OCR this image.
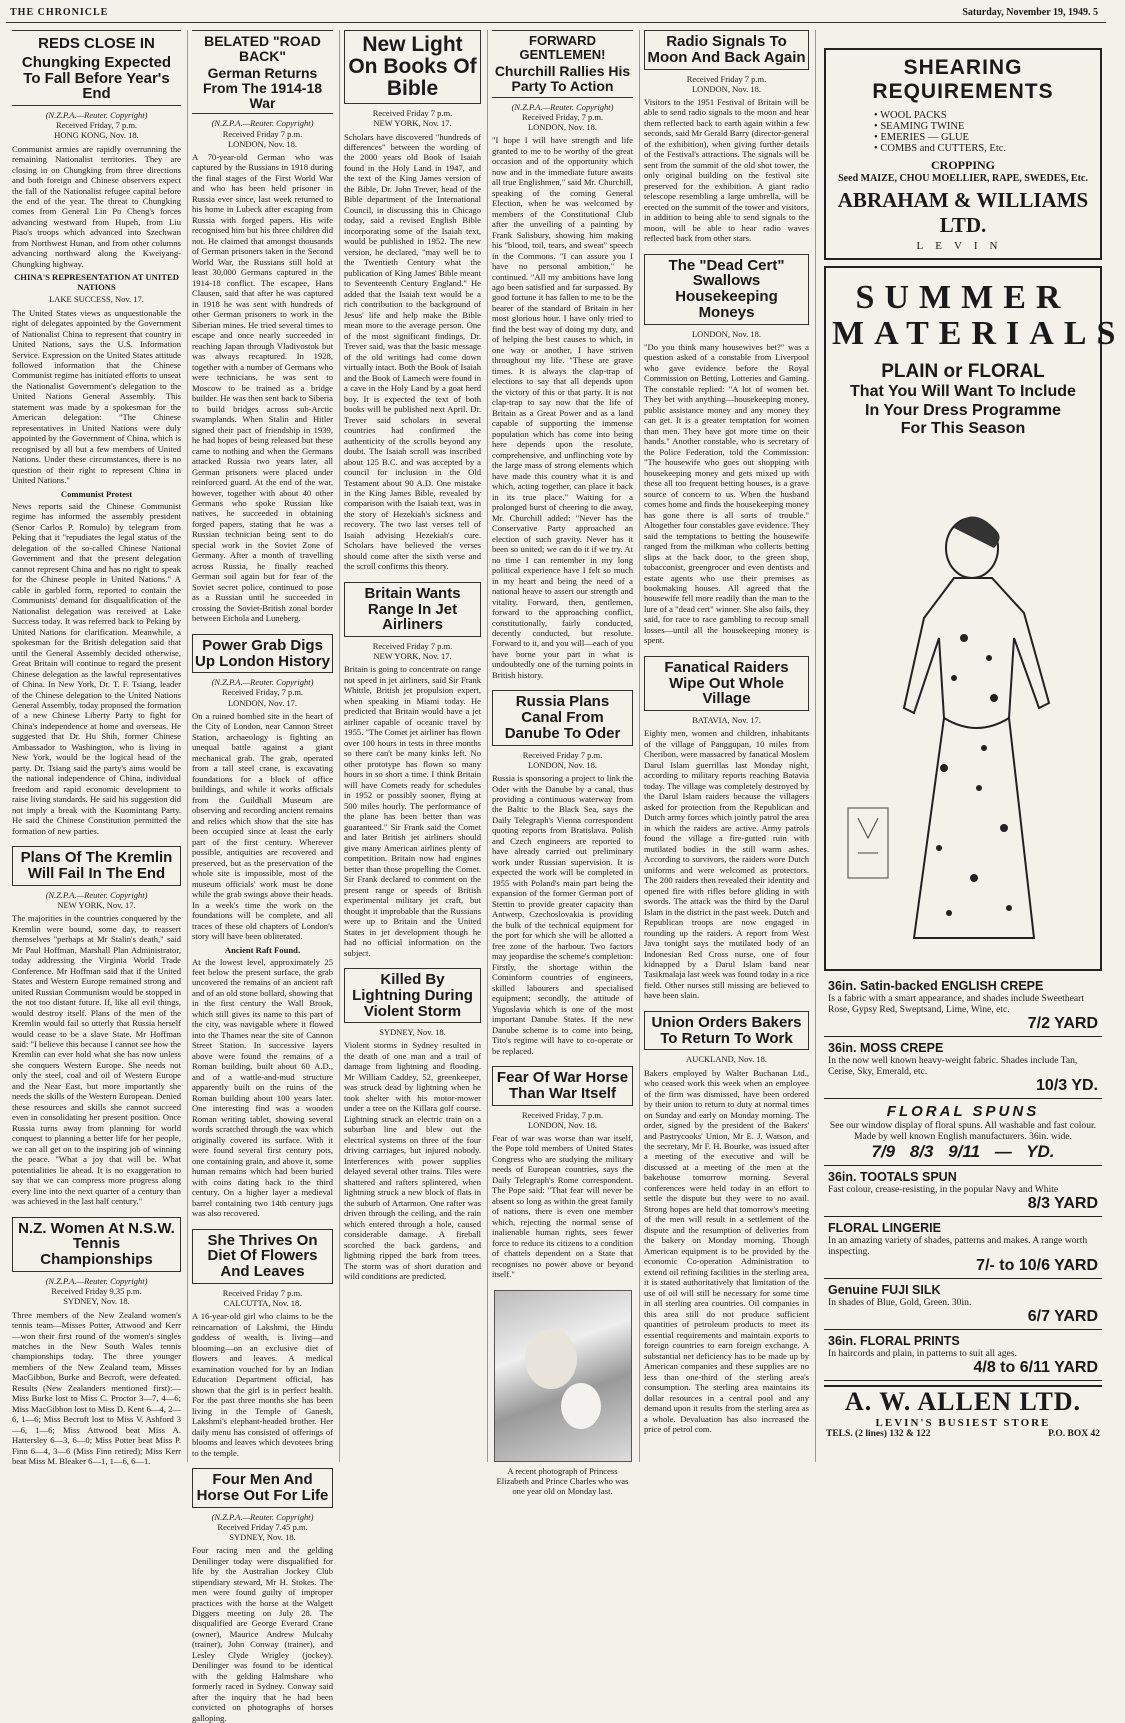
THE CHRONICLE	Saturday, November 19, 1949. 5
REDS CLOSE IN
Chungking Expected To Fall Before Year's End
(N.Z.P.A.—Reuter. Copyright)
Received Friday, 7 p.m.
HONG KONG, Nov. 18.

Communist armies are rapidly overrunning the remaining Nationalist territories. They are closing in on Chungking from three directions and both foreign and Chinese observers expect the fall of the Nationalist refugee capital before the end of the year. The threat to Chungking comes from General Lin Po Cheng's forces advancing westward from Hupeh, from Liu Piao's troops which advanced into Szechwan from Northwest Hunan, and from other columns advancing northward along the Kweiyang-Chungking highway.

CHINA'S REPRESENTATION AT UNITED NATIONS
LAKE SUCCESS, Nov. 17.

The United States views as unquestionable the right of delegates appointed by the Government of Nationalist China to represent that country in United Nations, says the U.S. Information Service. Expression on the United States attitude followed information that the Chinese Communist regime has initiated efforts to unseat the Nationalist Government's delegation to the United Nations General Assembly. This statement was made by a spokesman for the American delegation: "The Chinese representatives in United Nations were duly appointed by the Government of China, which is recognised by all but a few members of United Nations. Under these circumstances, there is no question of their right to represent China in United Nations."

Communist Protest

News reports said the Chinese Communist regime has informed the assembly president (Senor Carlos P. Romulo) by telegram from Peking that it "repudiates the legal status of the delegation of the so-called Chinese National Government and that the present delegation cannot represent China and has no right to speak for the Chinese people in United Nations." A cable in garbled form, reported to contain the Communists' demand for disqualification of the Nationalist delegation was received at Lake Success today. It was referred back to Peking by United Nations for clarification. Meanwhile, a spokesman for the British delegation said that until the General Assembly decided otherwise, Great Britain will continue to regard the present Chinese delegation as the lawful representatives of China. In New York, Dr. T. F. Tsiang, leader of the Chinese delegation to the United Nations General Assembly, today proposed the formation of a new Chinese Liberty Party to fight for China's independence at home and overseas. He suggested that Dr. Hu Shih, former Chinese Ambassador to Washington, who is living in New York, would be the logical head of the party. Dr. Tsiang said the party's aims would be the national independence of China, individual freedom and rapid economic development to raise living standards. He said his suggestion did not imply a break with the Kuomintang Party. He said the Chinese Constitution permitted the formation of new parties.

Plans Of The Kremlin Will Fail In The End
(N.Z.P.A.—Reuter. Copyright)
NEW YORK, Nov. 17.

The majorities in the countries conquered by the Kremlin were bound, some day, to reassert themselves "perhaps at Mr Stalin's death," said Mr Paul Hoffman, Marshall Plan Administrator, today addressing the Virginia World Trade Conference. Mr Hoffman said that if the United States and Western Europe remained strong and united Russian Communism would be stopped in the not too distant future. If, like all evil things, would destroy itself. Plans of the men of the Kremlin would fail so utterly that Russia herself would cease to be a slave State. Mr Hoffman said: "I believe this because I cannot see how the Kremlin can ever hold what she has now unless she conquers Western Europe. She needs not only the steel, coal and oil of Western Europe and the Near East, but more importantly she needs the skills of the Western European. Denied these resources and skills she cannot succeed even in consolidating her present position. Once Russia turns away from planning for world conquest to planning a better life for her people, we can all get on to the inspiring job of winning the peace. "What a joy that will be. What potentialities lie ahead. It is no exaggeration to say that we can compress more progress along every line into the next quarter of a century than was achieved in the last half century."

N.Z. Women At N.S.W. Tennis Championships
(N.Z.P.A.—Reuter. Copyright)
Received Friday 9.35 p.m.
SYDNEY, Nov. 18.

Three members of the New Zealand women's tennis team—Misses Potter, Attwood and Kerr—won their first round of the women's singles matches in the New South Wales tennis championships today. The three younger members of the New Zealand team, Misses MacGibbon, Burke and Becroft, were defeated. Results (New Zealanders mentioned first):—Miss Burke lost to Miss C. Proctor 3—7, 4—6; Miss MacGibbon lost to Miss D. Kent 6—4, 2—6, 1—6; Miss Becroft lost to Miss V. Ashford 3—6, 1—6; Miss Attwood beat Miss A. Hattersley 6—3, 6—0; Miss Potter beat Miss P. Finn 6—4, 3—6 (Miss Finn retired); Miss Kerr beat Miss M. Bleaker 6—1, 1—6, 6—1.

BELATED "ROAD BACK"
German Returns From The 1914-18 War
(N.Z.P.A.—Reuter. Copyright)
Received Friday 7 p.m.
LONDON, Nov. 18.

A 70-year-old German who was captured by the Russians in 1918 during the final stages of the First World War and who has been held prisoner in Russia ever since, last week returned to his home in Lubeck after escaping from Russia with forged papers. His wife recognised him but his three children did not. He claimed that amongst thousands of German prisoners taken in the Second World War, the Russians still hold at least 30,000 Germans captured in the 1914-18 conflict. The escapee, Hans Clausen, said that after he was captured in 1918 he was sent with hundreds of other German prisoners to work in the Siberian mines. He tried several times to escape and once nearly succeeded in reaching Japan through Vladivostok but was always recaptured. In 1928, together with a number of Germans who were technicians, he was sent to Moscow to be trained as a bridge builder. He was then sent back to Siberia to build bridges across sub-Arctic swamplands. When Stalin and Hitler signed their pact of friendship in 1939, he had hopes of being released but these came to nothing and when the Germans attacked Russia two years later, all German prisoners were placed under reinforced guard. At the end of the war, however, together with about 40 other Germans who spoke Russian like natives, he succeeded in obtaining forged papers, stating that he was a Russian technician being sent to do special work in the Soviet Zone of Germany. After a month of travelling across Russia, he finally reached German soil again but for fear of the Soviet secret police, continued to pose as a Russian until he succeeded in crossing the Soviet-British zonal border between Eichola and Luneberg.

Power Grab Digs Up London History
(N.Z.P.A.—Reuter. Copyright)
Received Friday, 7 p.m.
LONDON, Nov. 17.

On a ruined bombed site in the heart of the City of London, near Cannon Street Station, archaeology is fighting an unequal battle against a giant mechanical grab. The grab, operated from a tall steel crane, is excavating foundations for a block of office buildings, and while it works officials from the Guildhall Museum are observing and recording ancient remains and relics which show that the site has been occupied since at least the early part of the first century. Wherever possible, antiquities are recovered and preserved, but as the preservation of the whole site is impossible, most of the museum officials' work must be done while the grab swings above their heads. In a week's time the work on the foundations will be complete, and all traces of these old chapters of London's story will have been obliterated.

Ancient Raft Found.

At the lowest level, approximately 25 feet below the present surface, the grab uncovered the remains of an ancient raft and of an old stone bollard, showing that in the first century the Wall Brook, which still gives its name to this part of the city, was navigable where it flowed into the Thames near the site of Cannon Street Station. In successive layers above were found the remains of a Roman building, built about 60 A.D., and of a wattle-and-mud structure apparently built on the ruins of the Roman building about 100 years later. One interesting find was a wooden Roman writing tablet, showing several words scratched through the wax which originally covered its surface. With it were found several first century pots, one containing grain, and above it, some human remains which had been buried with coins dating back to the third century. On a higher layer a medieval barrel containing two 14th century jugs was also recovered.

She Thrives On Diet Of Flowers And Leaves
Received Friday 7 p.m.
CALCUTTA, Nov. 18.

A 16-year-old girl who claims to be the reincarnation of Lakshmi, the Hindu goddess of wealth, is living—and blooming—on an exclusive diet of flowers and leaves. A medical examination vouched for by an Indian Education Department official, has shown that the girl is in perfect health. For the past three months she has been living in the Temple of Ganesh, Lakshmi's elephant-headed brother. Her daily menu has consisted of offerings of blooms and leaves which devotees bring to the temple.

Four Men And Horse Out For Life
(N.Z.P.A.—Reuter. Copyright)
Received Friday 7.45 p.m.
SYDNEY, Nov. 18.

Four racing men and the gelding Denilinger today were disqualified for life by the Australian Jockey Club stipendiary steward, Mr H. Stokes. The men were found guilty of improper practices with the horse at the Walgett Diggers meeting on July 28. The disqualified are George Everard Crane (owner), Maurice Andrew Mulcahy (trainer), John Conway (trainer), and Lesley Clyde Wrigley (jockey). Denilinger was found to be identical with the gelding Halmshare who formerly raced in Sydney. Conway said after the inquiry that he had been convicted on photographs of horses galloping.

New Light On Books Of Bible
Received Friday 7 p.m.
NEW YORK, Nov. 17.

Scholars have discovered "hundreds of differences" between the wording of the 2000 years old Book of Isaiah found in the Holy Land in 1947, and the text of the King James version of the Bible, Dr. John Trever, head of the Bible department of the International Council, in discussing this in Chicago today, said a revised English Bible incorporating some of the Isaiah text, would be published in 1952. The new version, he declared, "may well be to the Twentieth Century what the publication of King James' Bible meant to Seventeenth Century England." He added that the Isaiah text would be a rich contribution to the background of Jesus' life and help make the Bible mean more to the average person. One of the most significant findings, Dr. Trever said, was that the basic message of the old writings had come down virtually intact. Both the Book of Isaiah and the Book of Lamech were found in a cave in the Holy Land by a goat herd boy. It is expected the text of both books will be published next April. Dr. Trever said scholars in several countries had confirmed the authenticity of the scrolls beyond any doubt. The Isaiah scroll was inscribed about 125 B.C. and was accepted by a council for inclusion in the Old Testament about 90 A.D. One mistake in the King James Bible, revealed by comparison with the Isaiah text, was in the story of Hezekiah's sickness and recovery. The two last verses tell of Isaiah advising Hezekiah's cure. Scholars have believed the verses should come after the sixth verse and the scroll confirms this theory.

Britain Wants Range In Jet Airliners
Received Friday 7 p.m.
NEW YORK, Nov. 17.

Britain is going to concentrate on range not speed in jet airliners, said Sir Frank Whittle, British jet propulsion expert, when speaking in Miami today. He predicted that Britain would have a jet airliner capable of oceanic travel by 1955. "The Comet jet airliner has flown over 100 hours in tests in three months so there can't be many kinks left. No other prototype has flown so many hours in so short a time. I think Britain will have Comets ready for schedules in 1952 or possibly sooner, flying at 500 miles hourly. The performance of the plane has been better than was guaranteed." Sir Frank said the Comet and later British jet airliners should give many American airlines plenty of competition. Britain now had engines better than those propelling the Comet. Sir Frank declared to comment on the present range or speeds of British experimental military jet craft, but thought it improbable that the Russians were up to Britain and the United States in jet development though he had no official information on the subject.

Killed By Lightning During Violent Storm
SYDNEY, Nov. 18.

Violent storms in Sydney resulted in the death of one man and a trail of damage from lightning and flooding. Mr William Caddey, 52, greenkeeper, was struck dead by lightning when he took shelter with his motor-mower under a tree on the Killara golf course. Lightning struck an electric train on a suburban line and blew out the electrical systems on three of the four driving carriages, but injured nobody. Interferences with power supplies delayed several other trains. Tiles were shattered and rafters splintered, when lightning struck a new block of flats in the suburb of Artarmon. One rafter was driven through the ceiling, and the rain which entered through a hole, caused considerable damage. A fireball scorched the back gardens, and lightning ripped the bark from trees. The storm was of short duration and wild conditions are predicted.

FORWARD GENTLEMEN!
Churchill Rallies His Party To Action
(N.Z.P.A.—Reuter. Copyright)
Received Friday, 7 p.m.
LONDON, Nov. 18.

"I hope I will have strength and life granted to me to be worthy of the great occasion and of the opportunity which now and in the immediate future awaits all true Englishmen," said Mr. Churchill, speaking of the coming General Election, when he was welcomed by members of the Constitutional Club after the unveiling of a painting by Frank Salisbury, showing him making his "blood, toil, tears, and sweat" speech in the Commons. "I can assure you I have no personal ambition," he continued. "All my ambitions have long ago been satisfied and far surpassed. By good fortune it has fallen to me to be the bearer of the standard of Britain in her most glorious hour. I have only tried to find the best way of doing my duty, and of helping the best causes to which, in one way or another, I have striven throughout my life. "These are grave times. It is always the clap-trap of elections to say that all depends upon the victory of this or that party. It is not clap-trap to say now that the life of Britain as a Great Power and as a land capable of supporting the immense population which has come into being here depends upon the resolute, comprehensive, and unflinching vote by the large mass of strong elements which have made this country what it is and which, acting together, can place it back in its true place." Waiting for a prolonged burst of cheering to die away, Mr. Churchill added: "Never has the Conservative Party approached an election of such gravity. Never has it been so united; we can do it if we try. At no time I can remember in my long political experience have I felt so much in my heart and being the need of a national heave to assert our strength and vitality. Forward, then, gentlemen, forward to the approaching conflict, constitutionally, fairly conducted, decently conducted, but resolute. Forward to it, and you will—each of you have borne your part in what is undoubtedly one of the turning points in British history.

Russia Plans Canal From Danube To Oder
Received Friday 7 p.m.
LONDON, Nov. 18.

Russia is sponsoring a project to link the Oder with the Danube by a canal, thus providing a continuous waterway from the Baltic to the Black Sea, says the Daily Telegraph's Vienna correspondent quoting reports from Bratislava. Polish and Czech engineers are reported to have already carried out preliminary work under Russian supervision. It is expected the work will be completed in 1955 with Poland's main part being the expansion of the former German port of Stettin to provide greater capacity than Antwerp. Czechoslovakia is providing the bulk of the technical equipment for the port for which she will be allotted a free zone of the harbour. Two factors may jeopardise the scheme's completion: Firstly, the shortage within the Cominform countries of engineers, skilled labourers and specialised equipment; secondly, the attitude of Yugoslavia which is one of the most important Danube States. If the new Danube scheme is to come into being, Tito's regime will have to co-operate or be replaced.

Fear Of War Horse Than War Itself
Received Friday, 7 p.m.
LONDON, Nov. 18.

Fear of war was worse than war itself, the Pope told members of United States Congress who are studying the military needs of European countries, says the Daily Telegraph's Rome correspondent. The Pope said: "That fear will never be absent so long as within the great family of nations, there is even one member which, rejecting the normal sense of inalienable human rights, sees fewer force to reduce its citizens to a condition of chattels dependent on a State that recognises no power above or beyond itself."

A recent photograph of Princess Elizabeth and Prince Charles who was one year old on Monday last.
Radio Signals To Moon And Back Again
Received Friday 7 p.m.
LONDON, Nov. 18.

Visitors to the 1951 Festival of Britain will be able to send radio signals to the moon and hear them reflected back to earth again within a few seconds, said Mr Gerald Barry (director-general of the exhibition), when giving further details of the Festival's attractions. The signals will be sent from the summit of the old shot tower, the only original building on the festival site preserved for the exhibition. A giant radio telescope resembling a large umbrella, will be erected on the summit of the tower and visitors, in addition to being able to send signals to the moon, will be able to hear radio waves reflected back from other stars.

The "Dead Cert" Swallows Housekeeping Moneys
LONDON, Nov. 18.

"Do you think many housewives bet?" was a question asked of a constable from Liverpool who gave evidence before the Royal Commission on Betting, Lotteries and Gaming. The constable replied: "A lot of women bet. They bet with anything—housekeeping money, public assistance money and any money they can get. It is a greater temptation for women than men. They have got more time on their hands." Another constable, who is secretary of the Police Federation, told the Commission: "The housewife who goes out shopping with housekeeping money and gets mixed up with these all too frequent betting houses, is a grave source of concern to us. When the husband comes home and finds the housekeeping money has gone there is all sorts of trouble." Altogether four constables gave evidence. They said the temptations to betting the housewife ranged from the milkman who collects betting slips at the back door, to the green shop, tobacconist, greengrocer and even dentists and estate agents who use their premises as bookmaking houses. All agreed that the housewife fell more readily than the man to the lure of a "dead cert" winner. She also fails, they said, for race to race gambling to recoup small losses—until all the housekeeping money is spent.

Fanatical Raiders Wipe Out Whole Village
BATAVIA, Nov. 17.

Eighty men, women and children, inhabitants of the village of Panggupan, 10 miles from Cheribon, were massacred by fanatical Moslem Darul Islam guerrillas last Monday night, according to military reports reaching Batavia today. The village was completely destroyed by the Darul Islam raiders because the villagers asked for protection from the Republican and Dutch army forces which jointly patrol the area in which the raiders are active. Army patrols found the village a fire-gutted ruin with mutilated bodies in the still warm ashes. According to survivors, the raiders wore Dutch uniforms and were welcomed as protectors. The 200 raiders then revealed their identity and opened fire with rifles before gliding in with swords. The attack was the third by the Darul Islam in the district in the past week. Dutch and Republican troops are now engaged in rounding up the raiders. A report from West Java tonight says the mutilated body of an Indonesian Red Cross nurse, one of four kidnapped by a Darul Islam band near Tasikmalaja last week was found today in a rice field. Other nurses still missing are believed to have been slain.

Union Orders Bakers To Return To Work
AUCKLAND, Nov. 18.

Bakers employed by Walter Buchanan Ltd., who ceased work this week when an employee of the firm was dismissed, have been ordered by their union to return to duty at normal times on Sunday and early on Monday morning. The order, signed by the president of the Bakers' and Pastrycooks' Union, Mr E. J. Watson, and the secretary, Mr F. H. Bourke, was issued after a meeting of the executive and will be discussed at a meeting of the men at the bakehouse tomorrow morning. Several conferences were held today in an effort to settle the dispute but they were to no avail. Strong hopes are held that tomorrow's meeting of the men will result in a settlement of the dispute and the resumption of deliveries from the bakery on Monday morning. Though American equipment is to be provided by the economic Co-operation Administration to extend oil refining facilities in the sterling area, it is stated authoritatively that limitation of the use of oil will still be necessary for some time in all sterling area countries. Oil companies in this area still do not produce sufficient quantities of petroleum products to meet its essential requirements and maintain exports to foreign countries to earn foreign exchange. A substantial net deficiency has to be made up by American companies and these supplies are no less than one-third of the sterling area's consumption. The sterling area maintains its dollar resources in a central pool and any demand upon it results from the sterling area as a whole. Devaluation has also increased the price of petrol com.

SHEARING REQUIREMENTS
• WOOL PACKS
• SEAMING TWINE
• EMERIES — GLUE
• COMBS and CUTTERS, Etc.
CROPPING
Seed MAIZE, CHOU MOELLIER, RAPE, SWEDES, Etc.
ABRAHAM & WILLIAMS LTD.
LEVIN
SUMMER
MATERIALS
PLAIN or FLORAL
That You Will Want To Include
In Your Dress Programme
For This Season
36in. Satin-backed ENGLISH CREPE
Is a fabric with a smart appearance, and shades include Sweetheart Rose, Gypsy Red, Sweptsand, Lime, Wine, etc.
7/2 YARD
36in. MOSS CREPE
In the now well known heavy-weight fabric. Shades include Tan, Cerise, Sky, Emerald, etc.
10/3 YD.
FLORAL SPUNS
See our window display of floral spuns. All washable and fast colour. Made by well known English manufacturers. 36in. wide.
7/9 8/3 9/11 — YD.
36in. TOOTALS SPUN
Fast colour, crease-resisting, in the popular Navy and White
8/3 YARD
FLORAL LINGERIE
In an amazing variety of shades, patterns and makes. A range worth inspecting.
7/- to 10/6 YARD
Genuine FUJI SILK
In shades of Blue, Gold, Green. 30in.
6/7 YARD
36in. FLORAL PRINTS
In haircords and plain, in patterns to suit all ages.
4/8 to 6/11 YARD
A. W. ALLEN LTD.
LEVIN'S BUSIEST STORE
TELS. (2 lines) 132 & 122	P.O. BOX 42
